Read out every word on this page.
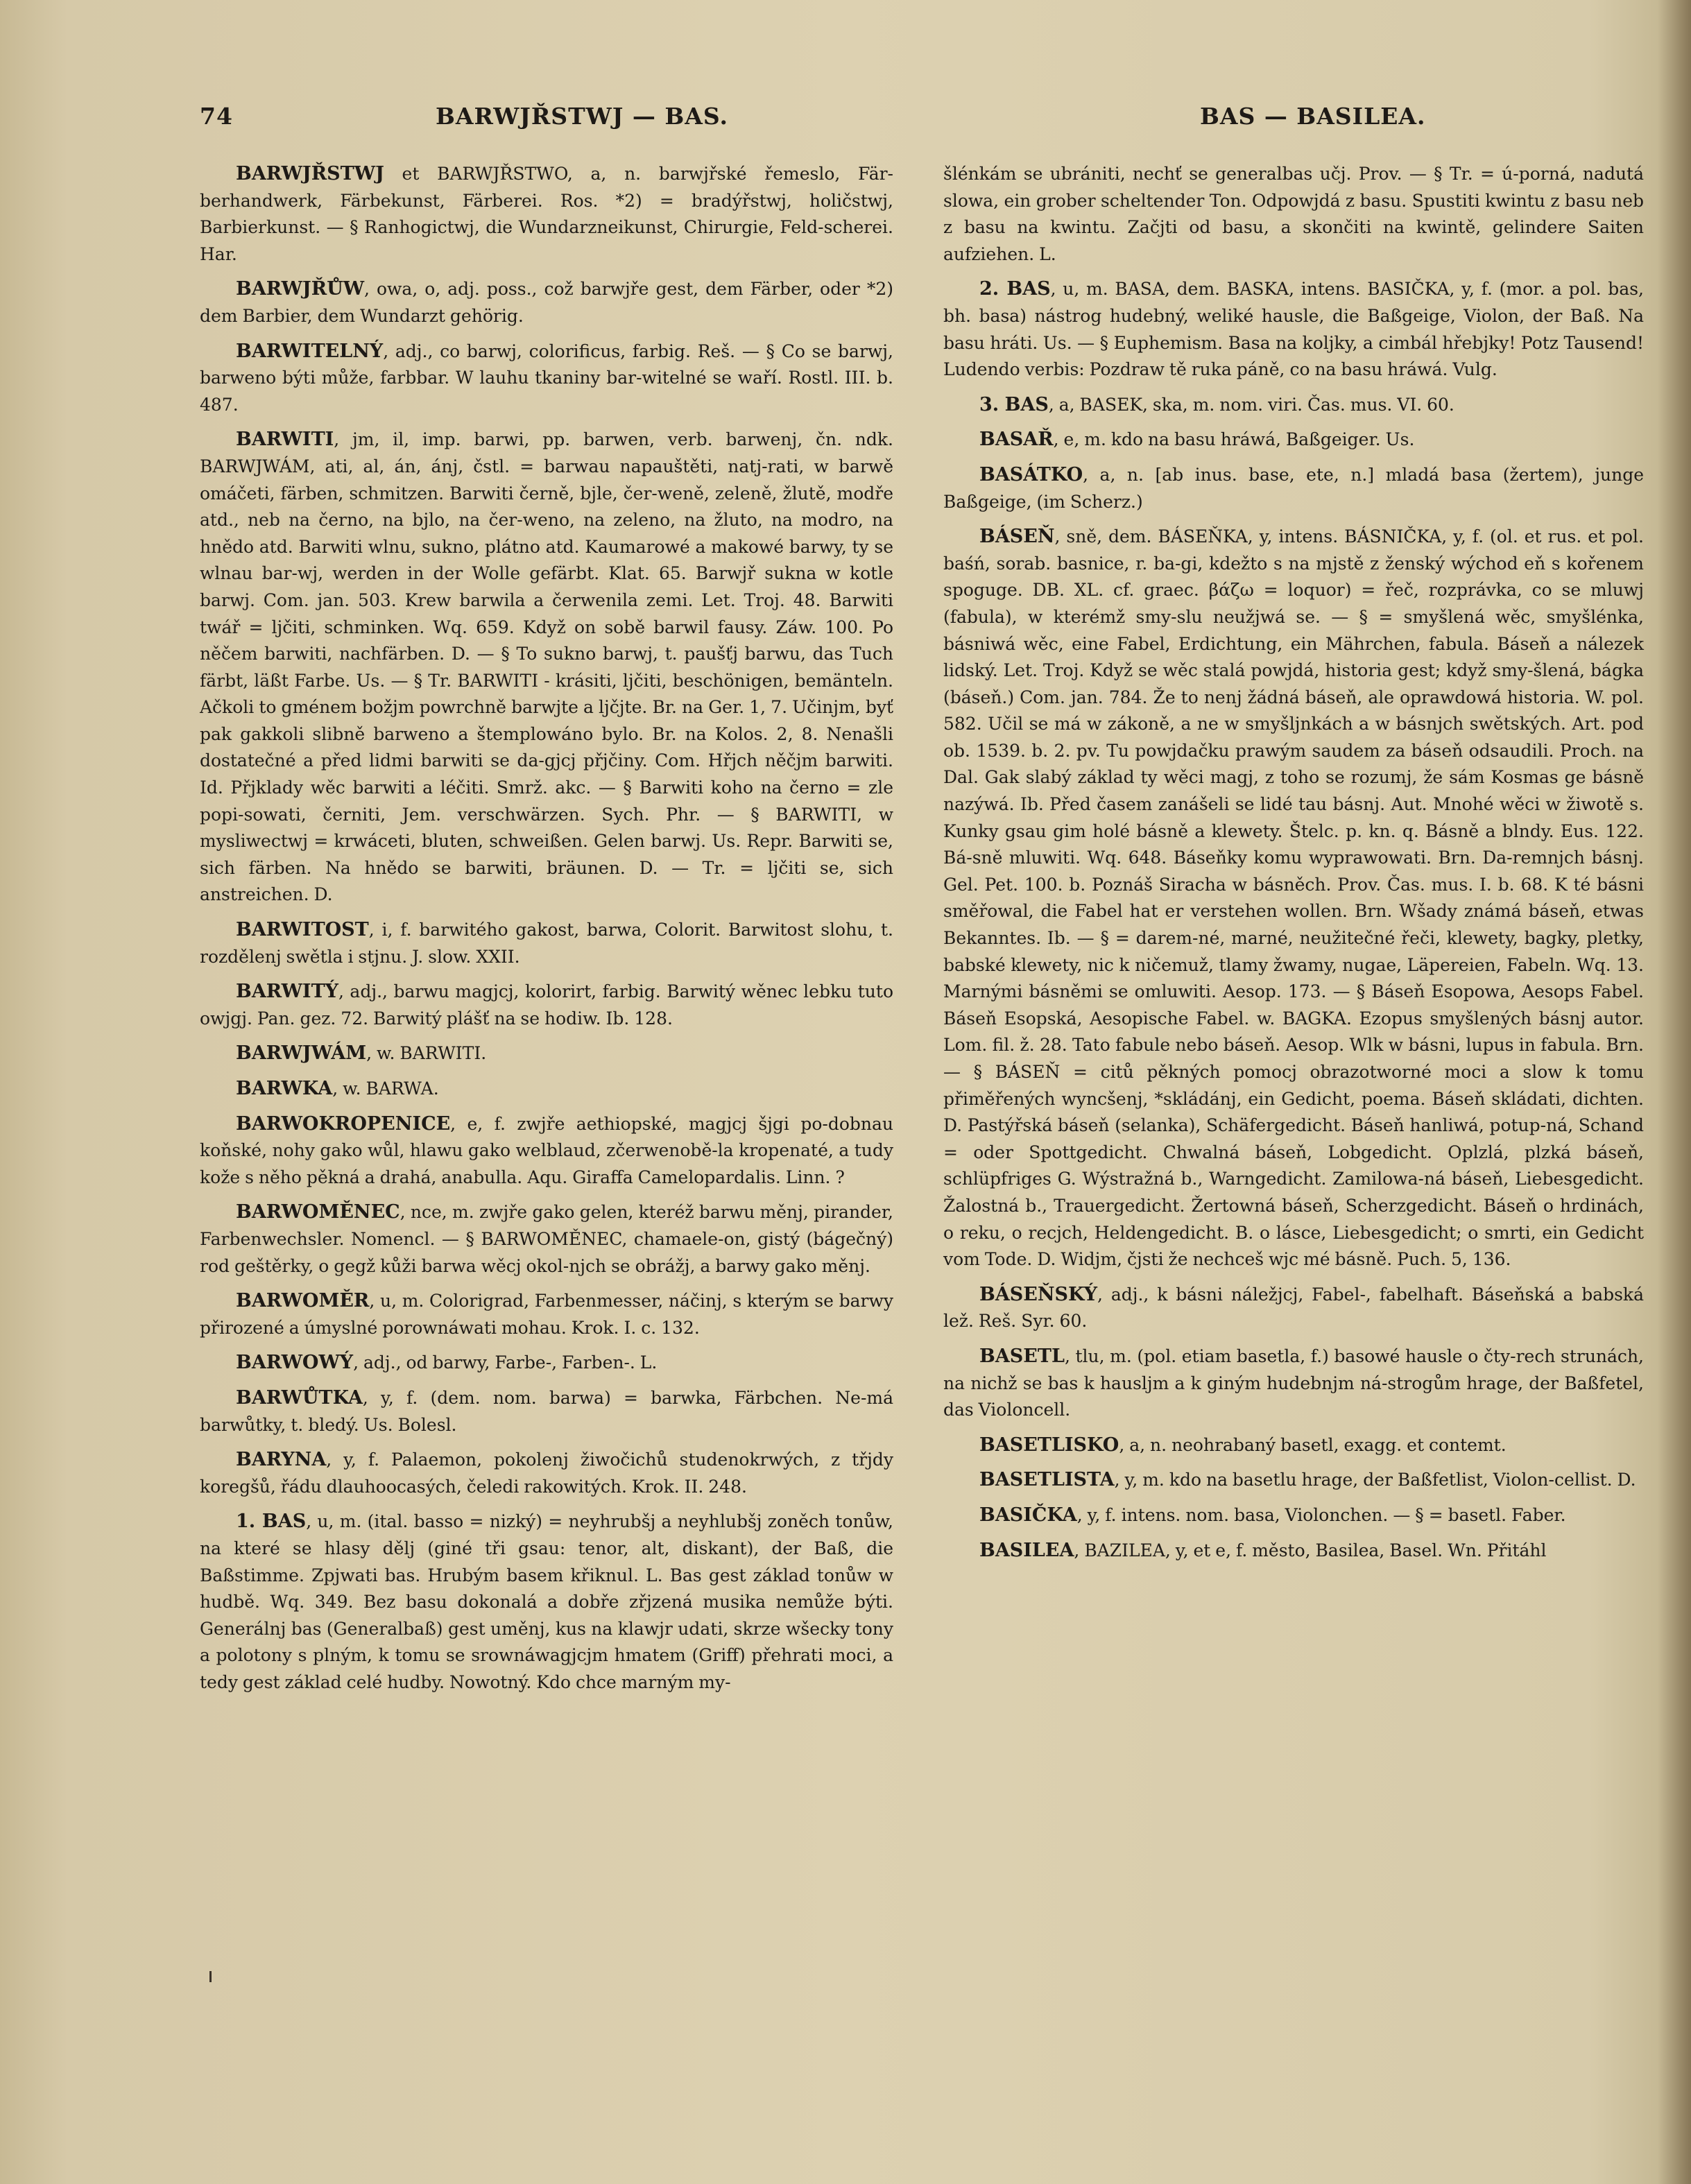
74	BARWJŘSTWJ — BAS.	BAS — BASILEA.

BARWJŘSTWJ et BARWJŘSTWO, a, n. barwjřské řemeslo, Fär-berhandwerk, Färbekunst, Färberei. Ros. *2) = bradýřstwj, holičstwj, Barbierkunst. — § Ranhogictwj, die Wundarzneikunst, Chirurgie, Feld-scherei. Har.

BARWJŘŮW, owa, o, adj. poss., což barwjře gest, dem Färber, oder *2) dem Barbier, dem Wundarzt gehörig.

BARWITELNÝ, adj., co barwj, colorificus, farbig. Reš. — § Co se barwj, barweno býti může, farbbar. W lauhu tkaniny bar-witelné se waří. Rostl. III. b. 487.

BARWITI, jm, il, imp. barwi, pp. barwen, verb. barwenj, čn. ndk. BARWJWÁM, ati, al, án, ánj, čstl. = barwau napauštěti, natj-rati, w barwě omáčeti, färben, schmitzen. Barwiti černě, bjle, čer-weně, zeleně, žlutě, modře atd., neb na černo, na bjlo, na čer-weno, na zeleno, na žluto, na modro, na hnědo atd. Barwiti wlnu, sukno, plátno atd. Kaumarowé a makowé barwy, ty se wlnau bar-wj, werden in der Wolle gefärbt. Klat. 65. Barwjř sukna w kotle barwj. Com. jan. 503. Krew barwila a čerwenila zemi. Let. Troj. 48. Barwiti twář = ljčiti, schminken. Wq. 659. Když on sobě barwil fausy. Záw. 100. Po něčem barwiti, nachfärben. D. — § To sukno barwj, t. paušťj barwu, das Tuch färbt, läßt Farbe. Us. — § Tr. BARWITI - krásiti, ljčiti, beschönigen, bemänteln. Ačkoli to gménem božjm powrchně barwjte a ljčjte. Br. na Ger. 1, 7. Učinjm, byť pak gakkoli slibně barweno a štemplowáno bylo. Br. na Kolos. 2, 8. Nenašli dostatečné a před lidmi barwiti se da-gjcj přjčiny. Com. Hřjch něčjm barwiti. Id. Přjklady wěc barwiti a léčiti. Smrž. akc. — § Barwiti koho na černo = zle popi-sowati, černiti, Jem. verschwärzen. Sych. Phr. — § BARWITI, w mysliwectwj = krwáceti, bluten, schweißen. Gelen barwj. Us. Repr. Barwiti se, sich färben. Na hnědo se barwiti, bräunen. D. — Tr. = ljčiti se, sich anstreichen. D.

BARWITOST, i, f. barwitého gakost, barwa, Colorit. Barwitost slohu, t. rozdělenj swětla i stjnu. J. slow. XXII.

BARWITÝ, adj., barwu magjcj, kolorirt, farbig. Barwitý wěnec lebku tuto owjgj. Pan. gez. 72. Barwitý plášť na se hodiw. Ib. 128.

BARWJWÁM, w. BARWITI.

BARWKA, w. BARWA.

BARWOKROPENICE, e, f. zwjře aethiopské, magjcj šjgi po-dobnau koňské, nohy gako wůl, hlawu gako welblaud, zčerwenobě-la kropenaté, a tudy kože s něho pěkná a drahá, anabulla. Aqu. Giraffa Camelopardalis. Linn. ?

BARWOMĚNEC, nce, m. zwjře gako gelen, kteréž barwu měnj, pirander, Farbenwechsler. Nomencl. — § BARWOMĚNEC, chamaele-on, gistý (bágečný) rod geštěrky, o gegž kůži barwa wěcj okol-njch se obrážj, a barwy gako měnj.

BARWOMĚR, u, m. Colorigrad, Farbenmesser, náčinj, s kterým se barwy přirozené a úmyslné porownáwati mohau. Krok. I. c. 132.

BARWOWÝ, adj., od barwy, Farbe-, Farben-. L.

BARWŮTKA, y, f. (dem. nom. barwa) = barwka, Färbchen. Ne-má barwůtky, t. bledý. Us. Bolesl.

BARYNA, y, f. Palaemon, pokolenj žiwočichů studenokrwých, z třjdy koregšů, řádu dlauhoocasých, čeledi rakowitých. Krok. II. 248.

1. BAS, u, m. (ital. basso = nizký) = neyhrubšj a neyhlubšj zoněch tonůw, na které se hlasy dělj (giné tři gsau: tenor, alt, diskant), der Baß, die Baßstimme. Zpjwati bas. Hrubým basem křiknul. L. Bas gest základ tonůw w hudbě. Wq. 349. Bez basu dokonalá a dobře zřjzená musika nemůže býti. Generálnj bas (Generalbaß) gest uměnj, kus na klawjr udati, skrze wšecky tony a polotony s plným, k tomu se srownáwagjcjm hmatem (Griff) přehrati moci, a tedy gest základ celé hudby. Nowotný. Kdo chce marným my-

šlénkám se ubrániti, nechť se generalbas učj. Prov. — § Tr. = ú-porná, nadutá slowa, ein grober scheltender Ton. Odpowjdá z basu. Spustiti kwintu z basu neb z basu na kwintu. Začjti od basu, a skončiti na kwintě, gelindere Saiten aufziehen. L.

2. BAS, u, m. BASA, dem. BASKA, intens. BASIČKA, y, f. (mor. a pol. bas, bh. basa) nástrog hudebný, weliké hausle, die Baßgeige, Violon, der Baß. Na basu hráti. Us. — § Euphemism. Basa na koljky, a cimbál hřebjky! Potz Tausend! Ludendo verbis: Pozdraw tě ruka páně, co na basu hráwá. Vulg.

3. BAS, a, BASEK, ska, m. nom. viri. Čas. mus. VI. 60.

BASAŘ, e, m. kdo na basu hráwá, Baßgeiger. Us.

BASÁTKO, a, n. [ab inus. base, ete, n.] mladá basa (žertem), junge Baßgeige, (im Scherz.)

BÁSEŇ, sně, dem. BÁSEŇKA, y, intens. BÁSNIČKA, y, f. (ol. et rus. et pol. baśń, sorab. basnice, r. ba-gi, kdežto s na mjstě z ženský wýchod eň s kořenem spoguge. DB. XL. cf. graec. βάζω = loquor) = řeč, rozprávka, co se mluwj (fabula), w kterémž smy-slu neužjwá se. — § = smyšlená wěc, smyšlénka, básniwá wěc, eine Fabel, Erdichtung, ein Mährchen, fabula. Báseň a nálezek lidský. Let. Troj. Když se wěc stalá powjdá, historia gest; když smy-šlená, bágka (báseň.) Com. jan. 784. Že to nenj žádná báseň, ale oprawdowá historia. W. pol. 582. Učil se má w zákoně, a ne w smyšljnkách a w básnjch swětských. Art. pod ob. 1539. b. 2. pv. Tu powjdačku prawým saudem za báseň odsaudili. Proch. na Dal. Gak slabý základ ty wěci magj, z toho se rozumj, že sám Kosmas ge básně nazýwá. Ib. Před časem zanášeli se lidé tau básnj. Aut. Mnohé wěci w žiwotě s. Kunky gsau gim holé básně a klewety. Štelc. p. kn. q. Básně a blndy. Eus. 122. Bá-sně mluwiti. Wq. 648. Báseňky komu wyprawowati. Brn. Da-remnjch básnj. Gel. Pet. 100. b. Poznáš Siracha w básněch. Prov. Čas. mus. I. b. 68. K té básni směřowal, die Fabel hat er verstehen wollen. Brn. Wšady známá báseň, etwas Bekanntes. Ib. — § = darem-né, marné, neužitečné řeči, klewety, bagky, pletky, babské klewety, nic k ničemuž, tlamy žwamy, nugae, Läpereien, Fabeln. Wq. 13. Marnými básněmi se omluwiti. Aesop. 173. — § Báseň Esopowa, Aesops Fabel. Báseň Esopská, Aesopische Fabel. w. BAGKA. Ezopus smyšlených básnj autor. Lom. fil. ž. 28. Tato fabule nebo báseň. Aesop. Wlk w básni, lupus in fabula. Brn. — § BÁSEŇ = citů pěkných pomocj obrazotworné moci a slow k tomu přiměřených wyncšenj, *skládánj, ein Gedicht, poema. Báseň skládati, dichten. D. Pastýřská báseň (selanka), Schäfergedicht. Báseň hanliwá, potup-ná, Schand = oder Spottgedicht. Chwalná báseň, Lobgedicht. Oplzlá, plzká báseň, schlüpfriges G. Wýstražná b., Warngedicht. Zamilowa-ná báseň, Liebesgedicht. Žalostná b., Trauergedicht. Žertowná báseň, Scherzgedicht. Báseň o hrdinách, o reku, o recjch, Heldengedicht. B. o lásce, Liebesgedicht; o smrti, ein Gedicht vom Tode. D. Widjm, čjsti že nechceš wjc mé básně. Puch. 5, 136.

BÁSEŇSKÝ, adj., k básni náležjcj, Fabel-, fabelhaft. Báseňská a babská lež. Reš. Syr. 60.

BASETL, tlu, m. (pol. etiam basetla, f.) basowé hausle o čty-rech strunách, na nichž se bas k hausljm a k giným hudebnjm ná-strogům hrage, der Baßfetel, das Violoncell.

BASETLISKO, a, n. neohrabaný basetl, exagg. et contemt.

BASETLISTA, y, m. kdo na basetlu hrage, der Baßfetlist, Violon-cellist. D.

BASIČKA, y, f. intens. nom. basa, Violonchen. — § = basetl. Faber.

BASILEA, BAZILEA, y, et e, f. město, Basilea, Basel. Wn. Přitáhl
